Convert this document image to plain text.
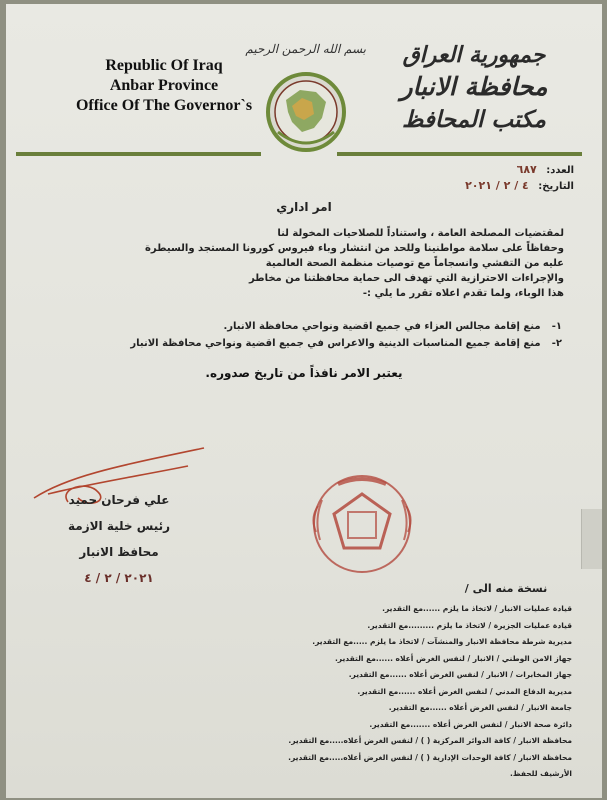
Republic Of Iraq
Anbar Province
Office Of The Governor`s
بسم الله الرحمن الرحيم	جمهورية العراق
محافظة الانبار
مكتب المحافظ
العدد: ٦٨٧
التاريخ: ٤ / ٢ / ٢٠٢١
امر اداري
لمقتضيات المصلحة العامة ، واستناداً للصلاحيات المخولة لنا
وحفاظاً على سلامة مواطنينا وللحد من انتشار وباء فيروس كورونا المستجد والسيطرة
عليه من التفشي وانسجاماً مع توصيات منظمة الصحة العالمية
والإجراءات الاحترازية التي تهدف الى حماية محافظتنا من مخاطر
هذا الوباء، ولما تقدم اعلاه تقرر ما يلي :-
١- منع إقامة مجالس العزاء في جميع اقضية ونواحي محافظة الانبار.
٢- منع إقامة جميع المناسبات الدينية والاعراس في جميع اقضية ونواحي محافظة الانبار
يعتبر الامر نافذاً من تاريخ صدوره.
علي فرحان حميد
رئيس خلية الازمة
محافظ الانبار
٢٠٢١ / ٢ / ٤
نسخة منه الى /
قيادة عمليات الانبار / لاتخاذ ما يلزم ......مع التقدير.
قيادة عمليات الجزيرة / لاتخاذ ما يلزم .........مع التقدير.
مديرية شرطة محافظة الانبار والمنشآت / لاتخاذ ما يلزم .....مع التقدير.
جهاز الامن الوطني / الانبار / لنفس الغرض أعلاه ......مع التقدير.
جهاز المخابرات / الانبار / لنفس الغرض أعلاه ......مع التقدير.
مديرية الدفاع المدني / لنفس الغرض أعلاه ......مع التقدير.
جامعة الانبار / لنفس الغرض أعلاه ......مع التقدير.
دائرة صحة الانبار / لنفس الغرض أعلاه .......مع التقدير.
محافظة الانبار / كافة الدوائر المركزية ( ) / لنفس الغرض أعلاه.....مع التقدير.
محافظة الانبار / كافة الوحدات الإدارية ( ) / لنفس الغرض أعلاه.....مع التقدير.
الأرشيف للحفظ.
